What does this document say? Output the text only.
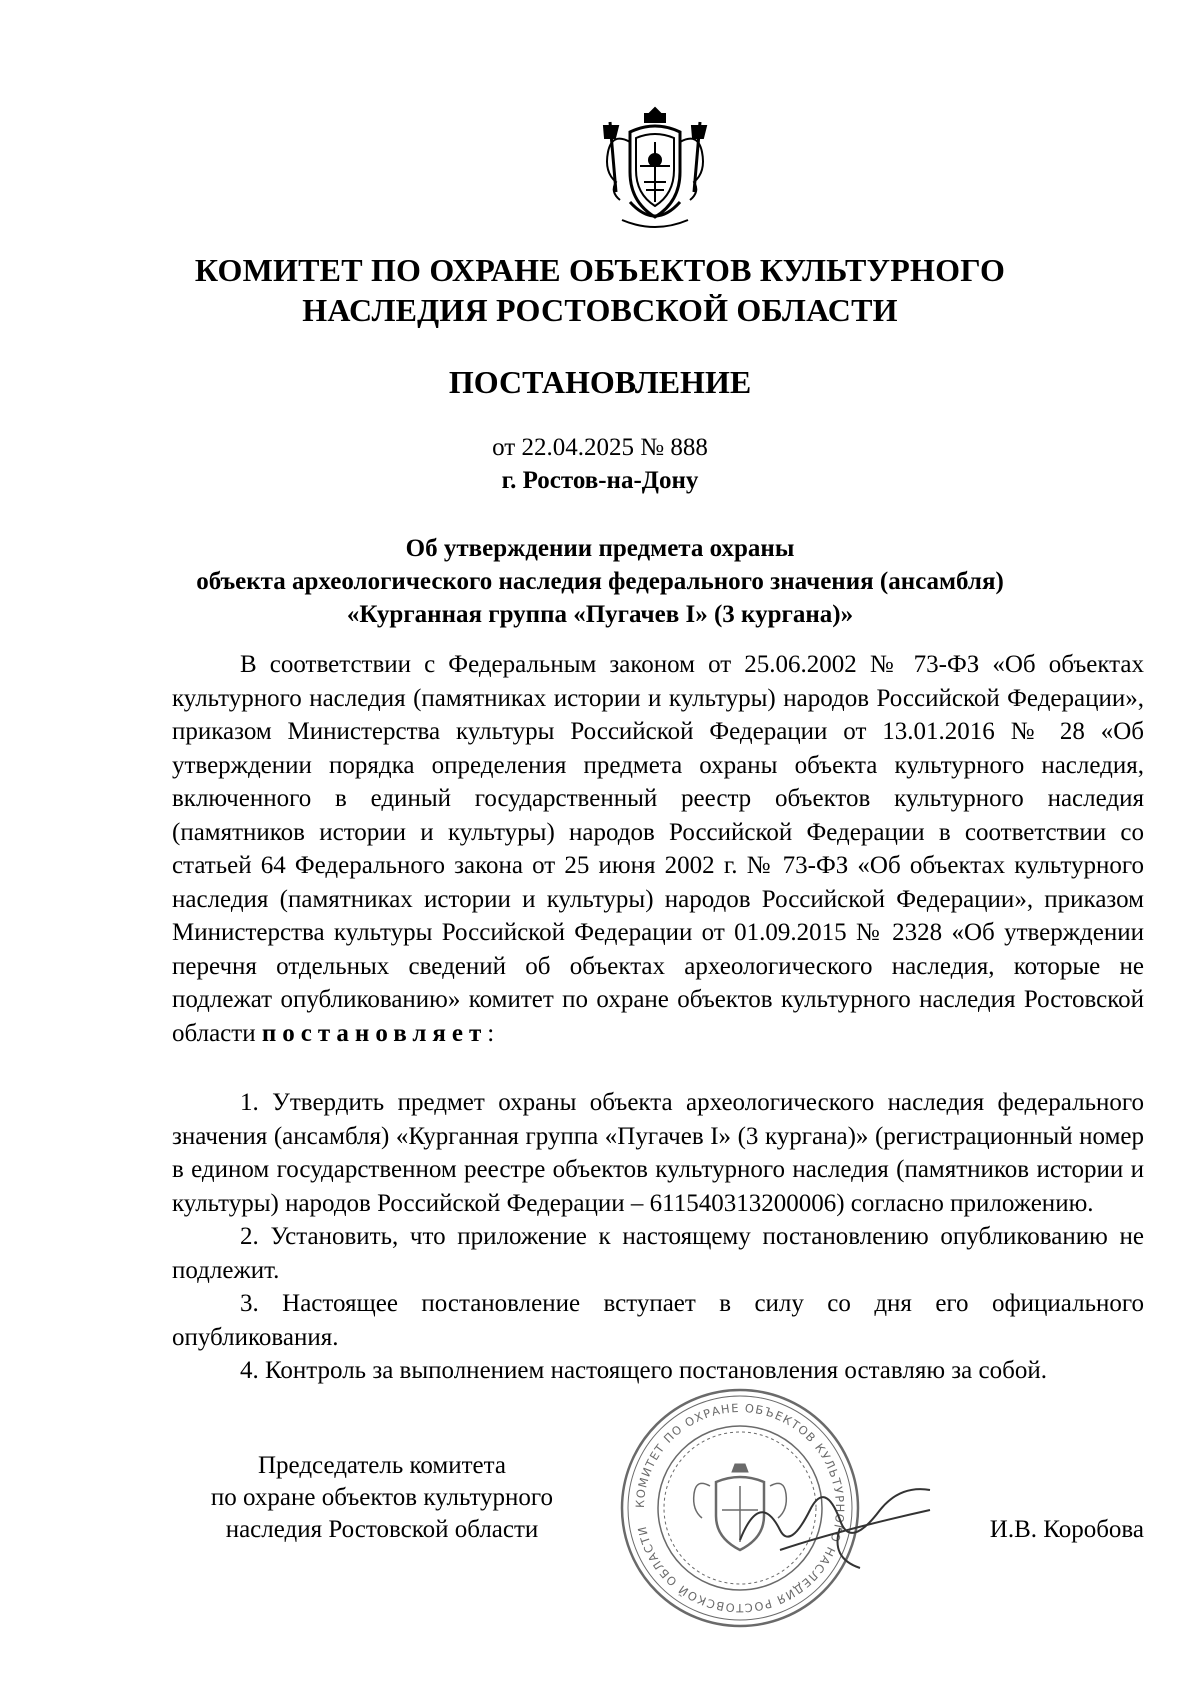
КОМИТЕТ ПО ОХРАНЕ ОБЪЕКТОВ КУЛЬТУРНОГО
НАСЛЕДИЯ РОСТОВСКОЙ ОБЛАСТИ
ПОСТАНОВЛЕНИЕ
от 22.04.2025 № 888
г. Ростов-на-Дону
Об утверждении предмета охраны
объекта археологического наследия федерального значения (ансамбля)
«Курганная группа «Пугачев I» (3 кургана)»

В соответствии с Федеральным законом от 25.06.2002 № 73-ФЗ «Об объектах культурного наследия (памятниках истории и культуры) народов Российской Федерации», приказом Министерства культуры Российской Федерации от 13.01.2016 № 28 «Об утверждении порядка определения предмета охраны объекта культурного наследия, включенного в единый государственный реестр объектов культурного наследия (памятников истории и культуры) народов Российской Федерации в соответствии со статьей 64 Федерального закона от 25 июня 2002 г. № 73-ФЗ «Об объектах культурного наследия (памятниках истории и культуры) народов Российской Федерации», приказом Министерства культуры Российской Федерации от 01.09.2015 № 2328 «Об утверждении перечня отдельных сведений об объектах археологического наследия, которые не подлежат опубликованию» комитет по охране объектов культурного наследия Ростовской области постановляет:

1. Утвердить предмет охраны объекта археологического наследия федерального значения (ансамбля) «Курганная группа «Пугачев I» (3 кургана)» (регистрационный номер в едином государственном реестре объектов культурного наследия (памятников истории и культуры) народов Российской Федерации – 611540313200006) согласно приложению.

2. Установить, что приложение к настоящему постановлению опубликованию не подлежит.

3. Настоящее постановление вступает в силу со дня его официального опубликования.

4. Контроль за выполнением настоящего постановления оставляю за собой.

Председатель комитета
по охране объектов культурного
наследия Ростовской области
КОМИТЕТ ПО ОХРАНЕ ОБЪЕКТОВ КУЛЬТУРНОГО НАСЛЕДИЯ РОСТОВСКОЙ ОБЛАСТИ	И.В. Коробова
